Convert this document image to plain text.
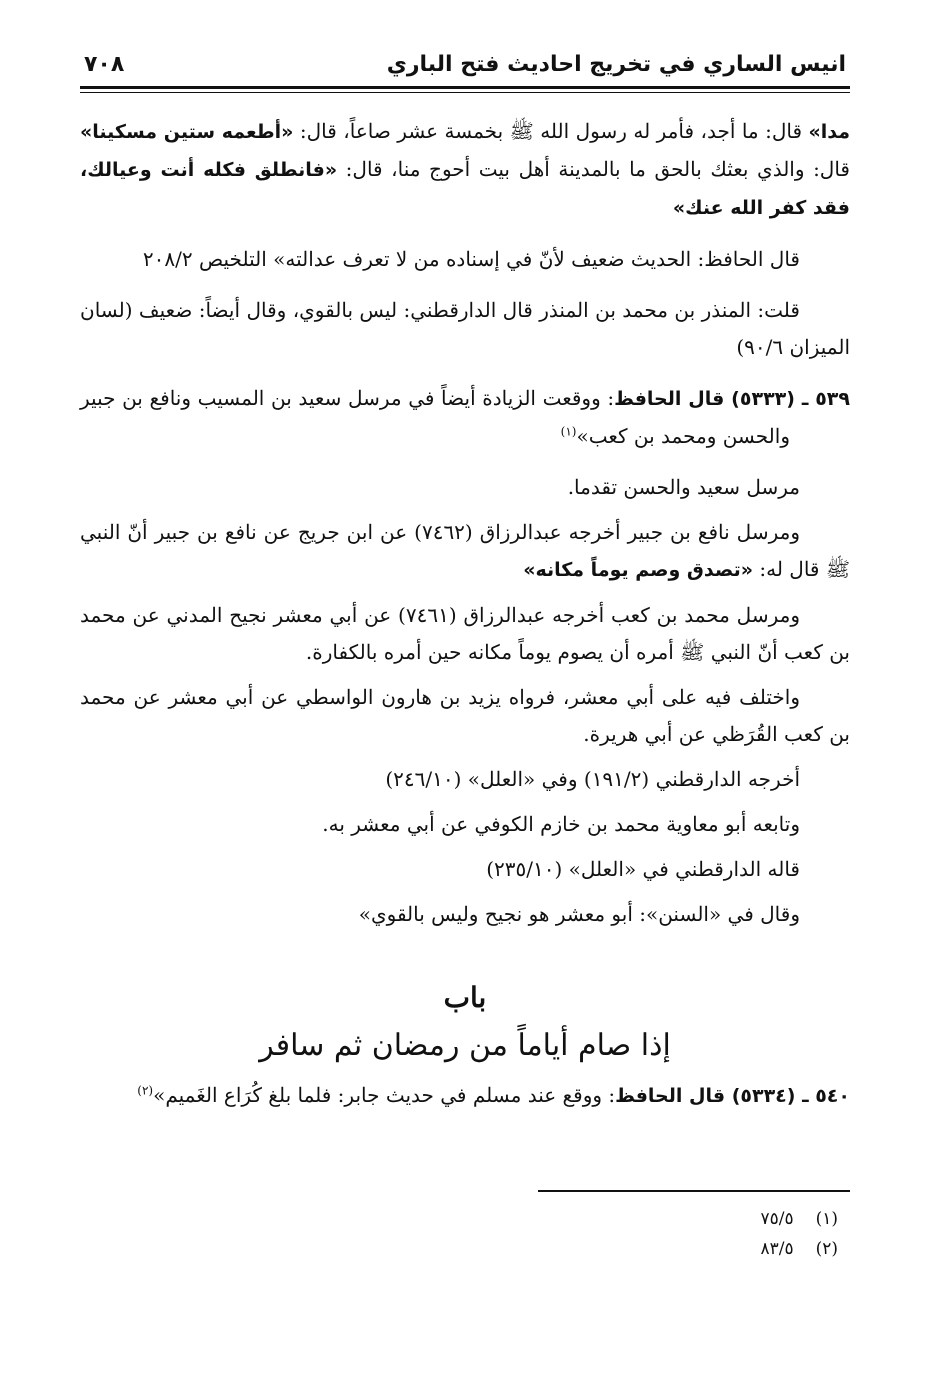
انيس الساري في تخريج احاديث فتح الباري
٧٠٨

مدا» قال: ما أجد، فأمر له رسول الله ﷺ بخمسة عشر صاعاً، قال: «أطعمه ستين مسكينا» قال: والذي بعثك بالحق ما بالمدينة أهل بيت أحوج منا، قال: «فانطلق فكله أنت وعيالك، فقد كفر الله عنك»

قال الحافظ: الحديث ضعيف لأنّ في إسناده من لا تعرف عدالته» التلخيص ٢٠٨/٢

قلت: المنذر بن محمد بن المنذر قال الدارقطني: ليس بالقوي، وقال أيضاً: ضعيف (لسان الميزان ٩٠/٦)

٥٣٩ ـ (٥٣٣٣) قال الحافظ: ووقعت الزيادة أيضاً في مرسل سعيد بن المسيب ونافع بن جبير والحسن ومحمد بن كعب»$^{(١)}$

مرسل سعيد والحسن تقدما.

ومرسل نافع بن جبير أخرجه عبدالرزاق (٧٤٦٢) عن ابن جريج عن نافع بن جبير أنّ النبي ﷺ قال له: «تصدق وصم يوماً مكانه»

ومرسل محمد بن كعب أخرجه عبدالرزاق (٧٤٦١) عن أبي معشر نجيح المدني عن محمد بن كعب أنّ النبي ﷺ أمره أن يصوم يوماً مكانه حين أمره بالكفارة.

واختلف فيه على أبي معشر، فرواه يزيد بن هارون الواسطي عن أبي معشر عن محمد بن كعب القُرَظي عن أبي هريرة.

أخرجه الدارقطني (١٩١/٢) وفي «العلل» (٢٤٦/١٠)

وتابعه أبو معاوية محمد بن خازم الكوفي عن أبي معشر به.

قاله الدارقطني في «العلل» (٢٣٥/١٠)

وقال في «السنن»: أبو معشر هو نجيح وليس بالقوي»

باب
إذا صام أياماً من رمضان ثم سافر

٥٤٠ ـ (٥٣٣٤) قال الحافظ: ووقع عند مسلم في حديث جابر: فلما بلغ كُرَاع الغَميم»$^{(٢)}$

(١)
٧٥/٥
(٢)
٨٣/٥
